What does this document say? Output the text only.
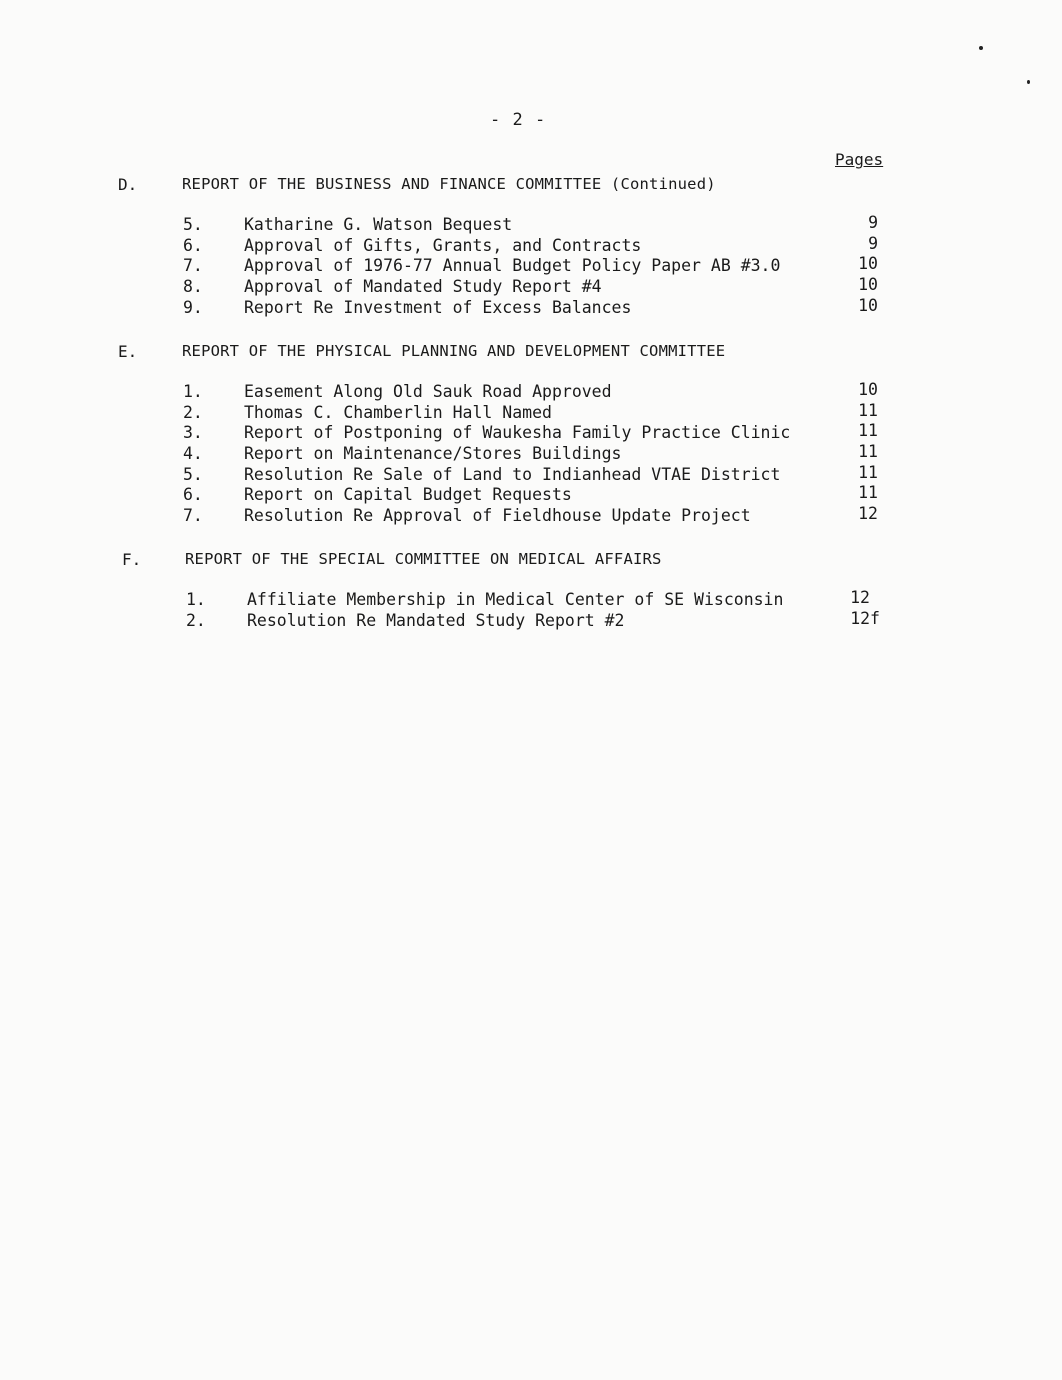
- 2 -
Pages
D.	REPORT OF THE BUSINESS AND FINANCE COMMITTEE (Continued)
5. Katharine G. Watson Bequest	9
6. Approval of Gifts, Grants, and Contracts	9
7. Approval of 1976-77 Annual Budget Policy Paper AB #3.0	10
8. Approval of Mandated Study Report #4	10
9. Report Re Investment of Excess Balances	10
E.	REPORT OF THE PHYSICAL PLANNING AND DEVELOPMENT COMMITTEE
1. Easement Along Old Sauk Road Approved	10
2. Thomas C. Chamberlin Hall Named	11
3. Report of Postponing of Waukesha Family Practice Clinic	11
4. Report on Maintenance/Stores Buildings	11
5. Resolution Re Sale of Land to Indianhead VTAE District	11
6. Report on Capital Budget Requests	11
7. Resolution Re Approval of Fieldhouse Update Project	12
F.	REPORT OF THE SPECIAL COMMITTEE ON MEDICAL AFFAIRS
1. Affiliate Membership in Medical Center of SE Wisconsin	12
2. Resolution Re Mandated Study Report #2	12f
